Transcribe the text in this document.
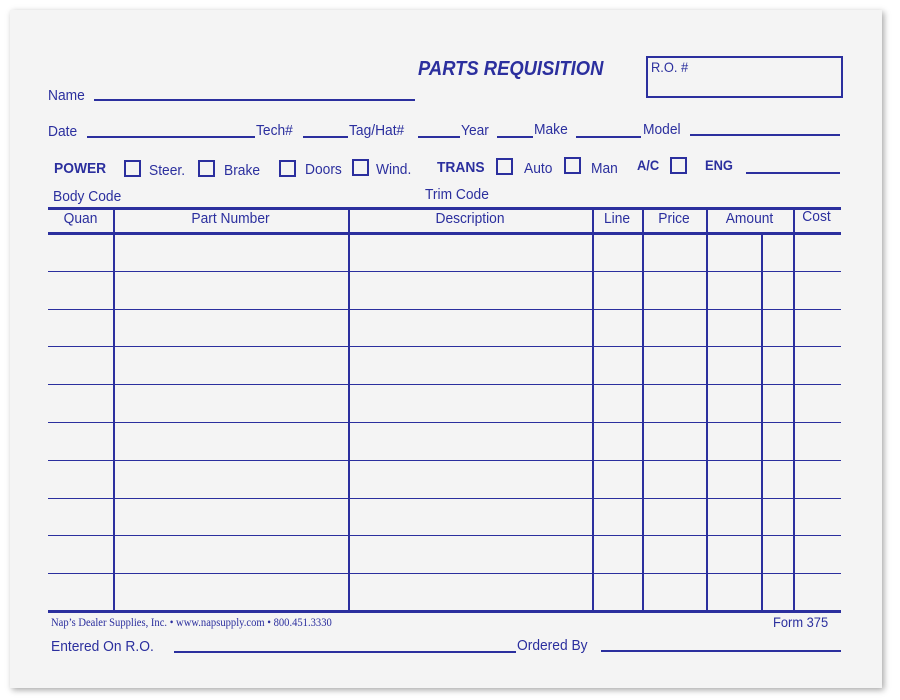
PARTS REQUISITION	R.O. #
Name
Date	Tech#	Tag/Hat#	Year	Make	Model
POWER	Steer.	Brake	Doors Wind. TRANS	Auto	Man A/C	ENG
Body Code	Trim Code
Quan	Part Number	Description	Line	Price	Amount	Cost
Nap’s Dealer Supplies, Inc. • www.napsupply.com • 800.451.3330	Form 375
Entered On R.O.	Ordered By
